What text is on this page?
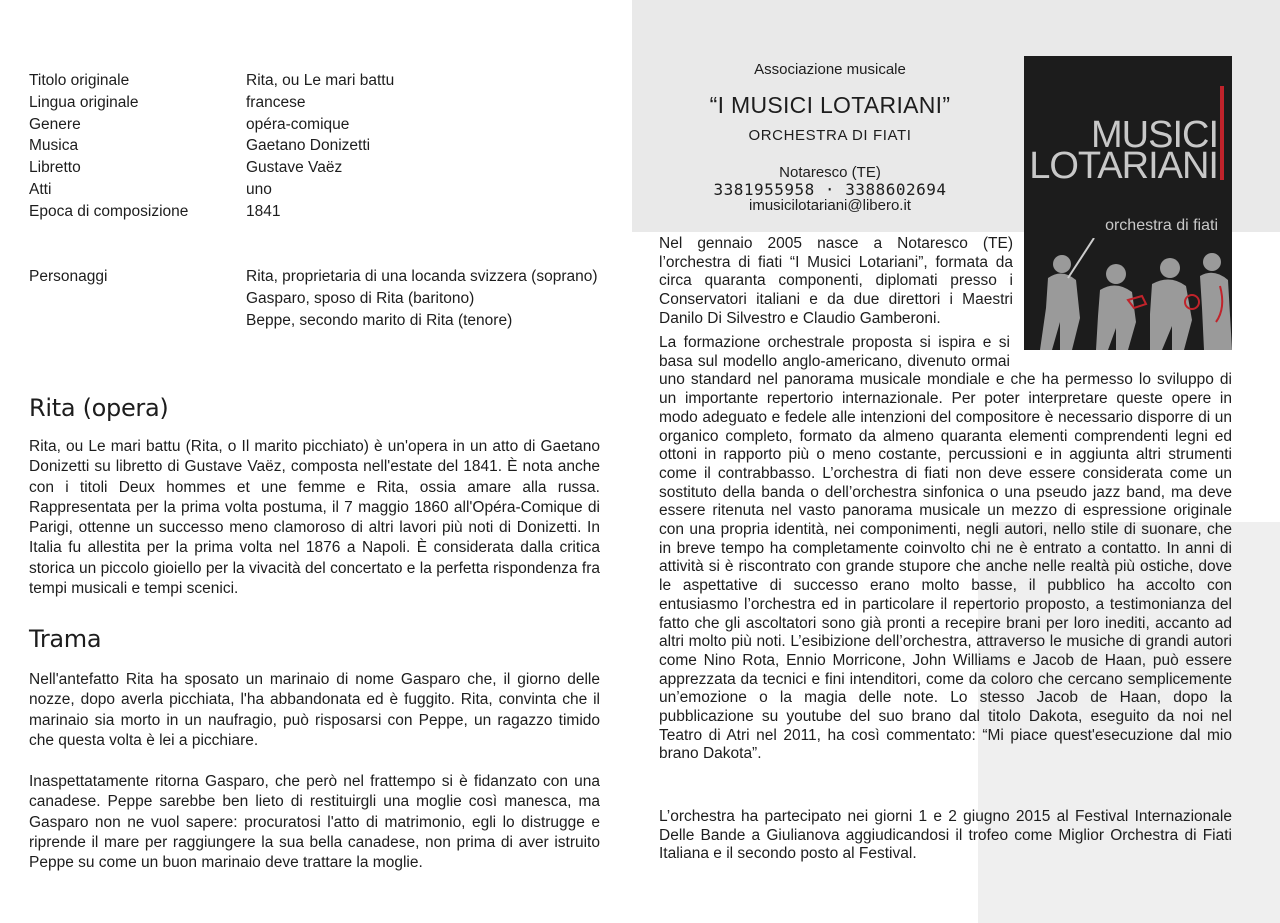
Titolo originale	Rita, ou Le mari battu
Lingua originale	francese
Genere	opéra-comique
Musica	Gaetano Donizetti
Libretto	Gustave Vaëz
Atti	uno
Epoca di composizione	1841
Personaggi	Rita, proprietaria di una locanda svizzera (soprano)
Gasparo, sposo di Rita (baritono)
Beppe, secondo marito di Rita (tenore)
Rita (opera)

Rita, ou Le mari battu (Rita, o Il marito picchiato) è un'opera in un atto di Gaetano Donizetti su libretto di Gustave Vaëz, composta nell'estate del 1841. È nota anche con i titoli Deux hommes et une femme e Rita, ossia amare alla russa. Rappresentata per la prima volta postuma, il 7 maggio 1860 all'Opéra-Comique di Parigi, ottenne un successo meno clamoroso di altri lavori più noti di Donizetti. In Italia fu allestita per la prima volta nel 1876 a Napoli. È considerata dalla critica storica un piccolo gioiello per la vivacità del concertato e la perfetta rispondenza fra tempi musicali e tempi scenici.

Trama

Nell'antefatto Rita ha sposato un marinaio di nome Gasparo che, il giorno delle nozze, dopo averla picchiata, l'ha abbandonata ed è fuggito. Rita, convinta che il marinaio sia morto in un naufragio, può risposarsi con Peppe, un ragazzo timido che questa volta è lei a picchiare.

Inaspettatamente ritorna Gasparo, che però nel frattempo si è fidanzato con una canadese. Peppe sarebbe ben lieto di restituirgli una moglie così manesca, ma Gasparo non ne vuol sapere: procuratosi l'atto di matrimonio, egli lo distrugge e riprende il mare per raggiungere la sua bella canadese, non prima di aver istruito Peppe su come un buon marinaio deve trattare la moglie.

Associazione musicale
“I MUSICI LOTARIANI”
ORCHESTRA DI FIATI
Notaresco (TE)
3381955958 · 3388602694
imusicilotariani@libero.it
MUSICI
LOTARIANI
orchestra di fiati

Nel gennaio 2005 nasce a Notaresco (TE) l’orchestra di fiati “I Musici Lotariani”, formata da circa quaranta componenti, diplomati presso i Conservatori italiani e da due direttori i Maestri Danilo Di Silvestro e Claudio Gamberoni.

La formazione orchestrale proposta si ispira e si basa sul modello anglo-americano, divenuto ormai uno standard nel panorama musicale mondiale e che ha permesso lo sviluppo di un importante repertorio internazionale. Per poter interpretare queste opere in modo adeguato e fedele alle intenzioni del compositore è necessario disporre di un organico completo, formato da almeno quaranta elementi comprendenti legni ed ottoni in rapporto più o meno costante, percussioni e in aggiunta altri strumenti come il contrabbasso. L’orchestra di fiati non deve essere considerata come un sostituto della banda o dell’orchestra sinfonica o una pseudo jazz band, ma deve essere ritenuta nel vasto panorama musicale un mezzo di espressione originale con una propria identità, nei componimenti, negli autori, nello stile di suonare, che in breve tempo ha completamente coinvolto chi ne è entrato a contatto. In anni di attività si è riscontrato con grande stupore che anche nelle realtà più ostiche, dove le aspettative di successo erano molto basse, il pubblico ha accolto con entusiasmo l’orchestra ed in particolare il repertorio proposto, a testimonianza del fatto che gli ascoltatori sono già pronti a recepire brani per loro inediti, accanto ad altri molto più noti. L’esibizione dell’orchestra, attraverso le musiche di grandi autori come Nino Rota, Ennio Morricone, John Williams e Jacob de Haan, può essere apprezzata da tecnici e fini intenditori, come da coloro che cercano semplicemente un’emozione o la magia delle note. Lo stesso Jacob de Haan, dopo la pubblicazione su youtube del suo brano dal titolo Dakota, eseguito da noi nel Teatro di Atri nel 2011, ha così commentato: “Mi piace quest'esecuzione dal mio brano Dakota”.

L’orchestra ha partecipato nei giorni 1 e 2 giugno 2015 al Festival Internazionale Delle Bande a Giulianova aggiudicandosi il trofeo come Miglior Orchestra di Fiati Italiana e il secondo posto al Festival.
